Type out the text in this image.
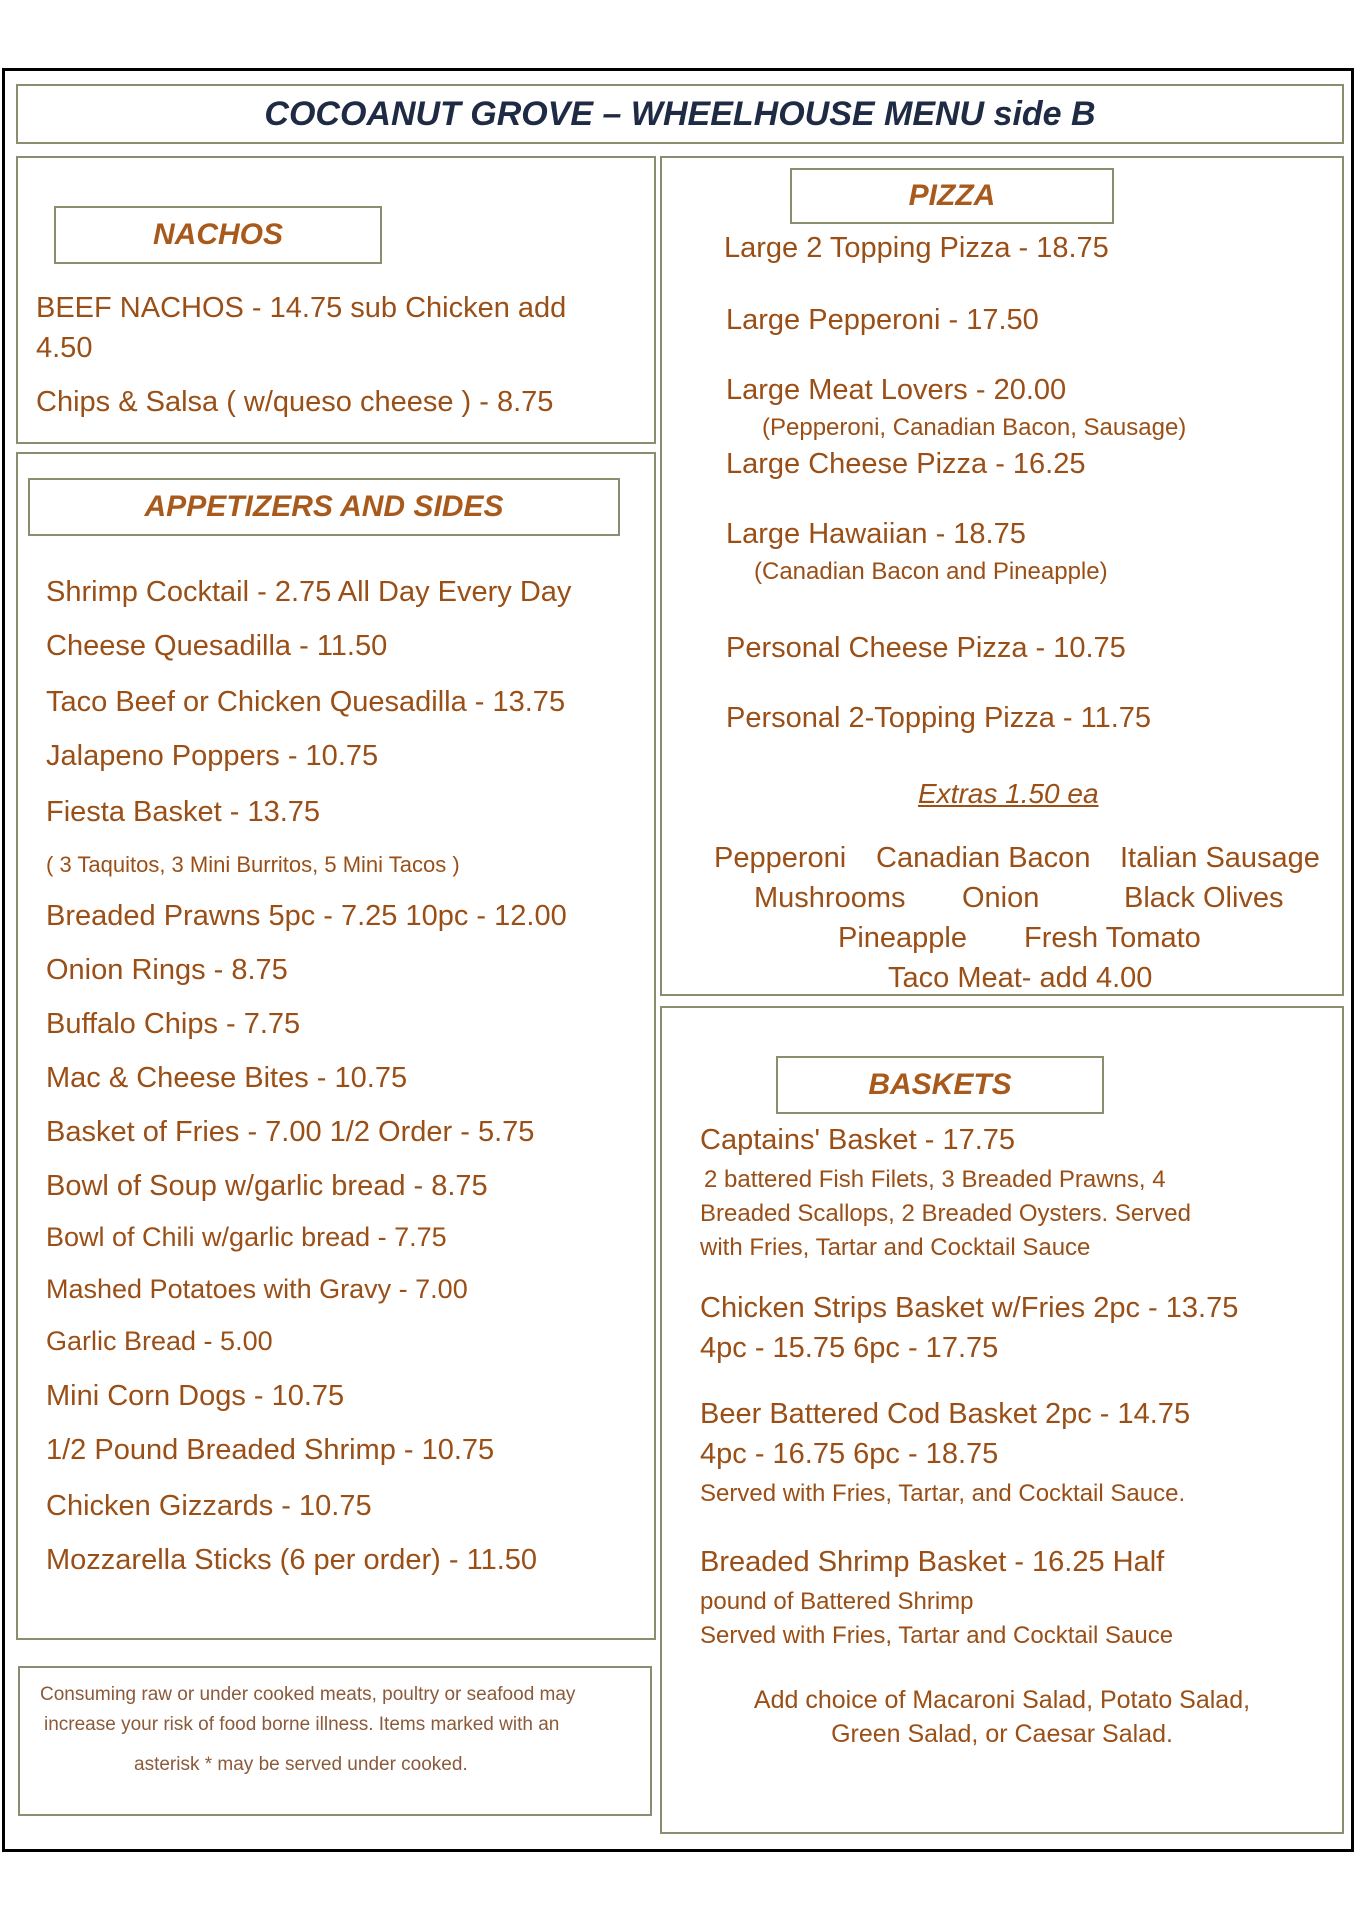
COCOANUT GROVE – WHEELHOUSE MENU side B
NACHOS
BEEF NACHOS - 14.75 sub Chicken add
4.50
Chips & Salsa ( w/queso cheese ) - 8.75
APPETIZERS AND SIDES
Shrimp Cocktail - 2.75 All Day Every Day
Cheese Quesadilla - 11.50
Taco Beef or Chicken Quesadilla - 13.75
Jalapeno Poppers - 10.75
Fiesta Basket - 13.75
( 3 Taquitos, 3 Mini Burritos, 5 Mini Tacos )
Breaded Prawns 5pc - 7.25 10pc - 12.00
Onion Rings - 8.75
Buffalo Chips - 7.75
Mac & Cheese Bites - 10.75
Basket of Fries - 7.00 1/2 Order - 5.75
Bowl of Soup w/garlic bread - 8.75
Bowl of Chili w/garlic bread - 7.75
Mashed Potatoes with Gravy - 7.00
Garlic Bread - 5.00
Mini Corn Dogs - 10.75
1/2 Pound Breaded Shrimp - 10.75
Chicken Gizzards - 10.75
Mozzarella Sticks (6 per order) - 11.50
Consuming raw or under cooked meats, poultry or seafood may
increase your risk of food borne illness. Items marked with an
asterisk * may be served under cooked.
PIZZA
Large 2 Topping Pizza - 18.75
Large Pepperoni - 17.50
Large Meat Lovers - 20.00
(Pepperoni, Canadian Bacon, Sausage)
Large Cheese Pizza - 16.25
Large Hawaiian - 18.75
(Canadian Bacon and Pineapple)
Personal Cheese Pizza - 10.75
Personal 2-Topping Pizza - 11.75
Extras 1.50 ea
Pepperoni Canadian Bacon Italian Sausage
Mushrooms Onion	Black Olives
Pineapple Fresh Tomato
Taco Meat- add 4.00
BASKETS
Captains' Basket - 17.75
2 battered Fish Filets, 3 Breaded Prawns, 4
Breaded Scallops, 2 Breaded Oysters. Served
with Fries, Tartar and Cocktail Sauce
Chicken Strips Basket w/Fries 2pc - 13.75
4pc - 15.75 6pc - 17.75
Beer Battered Cod Basket 2pc - 14.75
4pc - 16.75 6pc - 18.75
Served with Fries, Tartar, and Cocktail Sauce.
Breaded Shrimp Basket - 16.25 Half
pound of Battered Shrimp
Served with Fries, Tartar and Cocktail Sauce
Add choice of Macaroni Salad, Potato Salad,
Green Salad, or Caesar Salad.
